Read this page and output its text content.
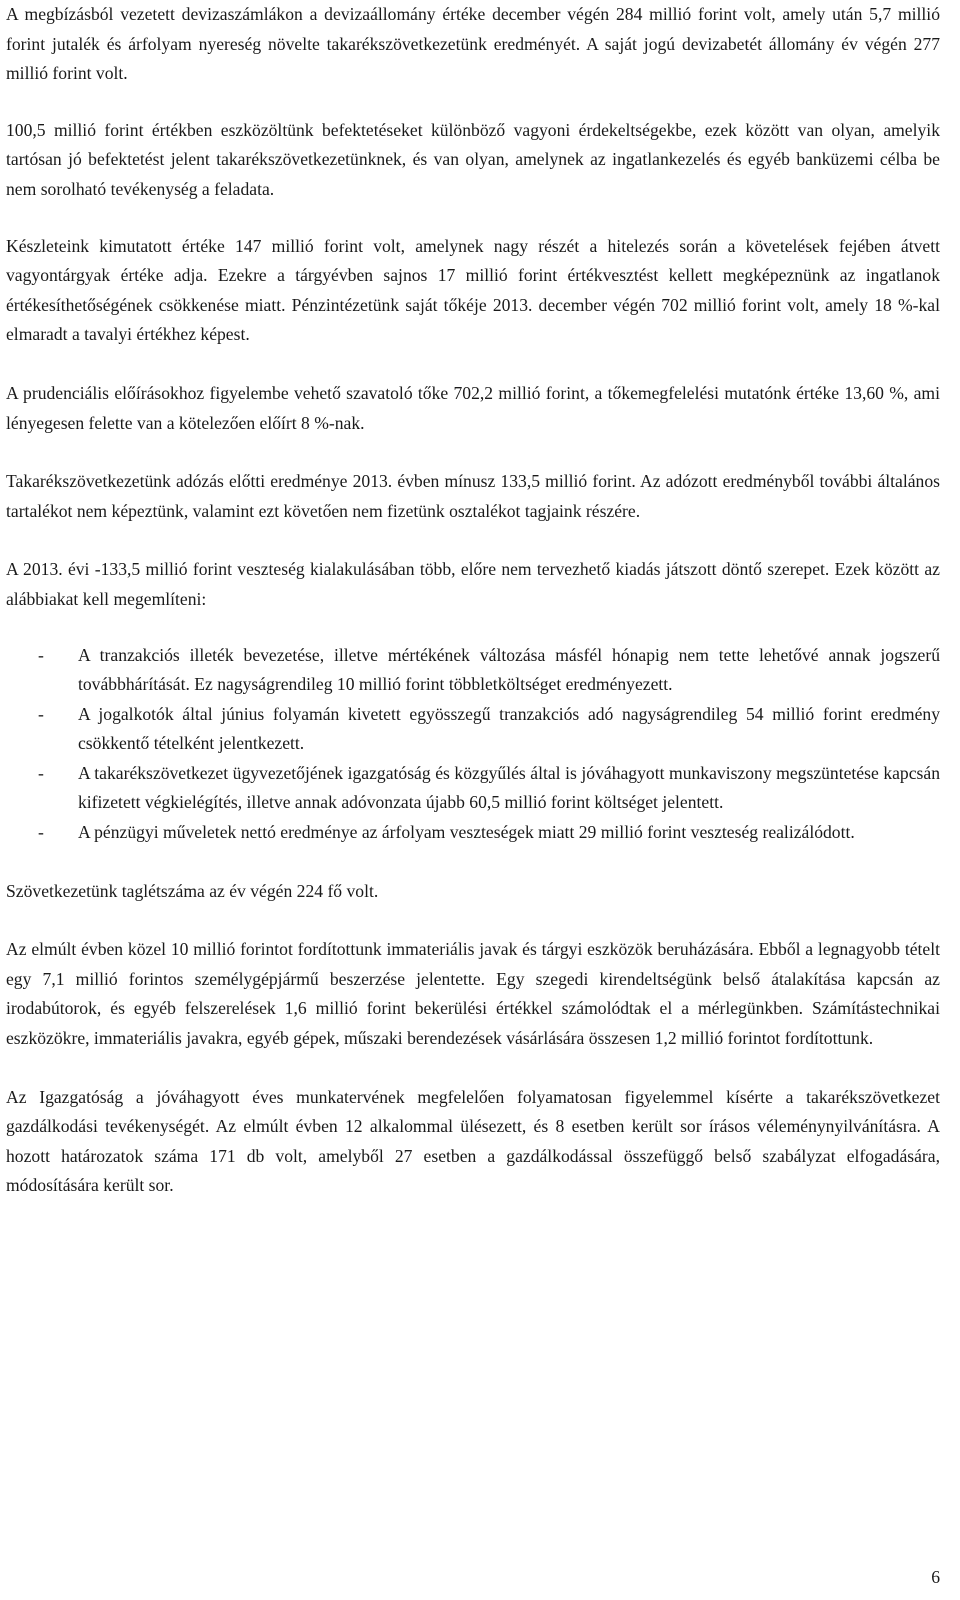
A megbízásból vezetett devizaszámlákon a devizaállomány értéke december végén 284 millió forint volt, amely után 5,7 millió forint jutalék és árfolyam nyereség növelte takarékszövetkezetünk eredményét. A saját jogú devizabetét állomány év végén 277 millió forint volt.

100,5 millió forint értékben eszközöltünk befektetéseket különböző vagyoni érdekeltségekbe, ezek között van olyan, amelyik tartósan jó befektetést jelent takarékszövetkezetünknek, és van olyan, amelynek az ingatlankezelés és egyéb banküzemi célba be nem sorolható tevékenység a feladata.

Készleteink kimutatott értéke 147 millió forint volt, amelynek nagy részét a hitelezés során a követelések fejében átvett vagyontárgyak értéke adja. Ezekre a tárgyévben sajnos 17 millió forint értékvesztést kellett megképeznünk az ingatlanok értékesíthetőségének csökkenése miatt. Pénzintézetünk saját tőkéje 2013. december végén 702 millió forint volt, amely 18 %-kal elmaradt a tavalyi értékhez képest.

A prudenciális előírásokhoz figyelembe vehető szavatoló tőke 702,2 millió forint, a tőkemegfelelési mutatónk értéke 13,60 %, ami lényegesen felette van a kötelezően előírt 8 %-nak.

Takarékszövetkezetünk adózás előtti eredménye 2013. évben mínusz 133,5 millió forint. Az adózott eredményből további általános tartalékot nem képeztünk, valamint ezt követően nem fizetünk osztalékot tagjaink részére.

A 2013. évi -133,5 millió forint veszteség kialakulásában több, előre nem tervezhető kiadás játszott döntő szerepet. Ezek között az alábbiakat kell megemlíteni:

- A tranzakciós illeték bevezetése, illetve mértékének változása másfél hónapig nem tette lehetővé annak jogszerű továbbhárítását. Ez nagyságrendileg 10 millió forint többletköltséget eredményezett.
- A jogalkotók által június folyamán kivetett egyösszegű tranzakciós adó nagyságrendileg 54 millió forint eredmény csökkentő tételként jelentkezett.
- A takarékszövetkezet ügyvezetőjének igazgatóság és közgyűlés által is jóváhagyott munkaviszony megszüntetése kapcsán kifizetett végkielégítés, illetve annak adóvonzata újabb 60,5 millió forint költséget jelentett.
- A pénzügyi műveletek nettó eredménye az árfolyam veszteségek miatt 29 millió forint veszteség realizálódott.

Szövetkezetünk taglétszáma az év végén 224 fő volt.

Az elmúlt évben közel 10 millió forintot fordítottunk immateriális javak és tárgyi eszközök beruházására. Ebből a legnagyobb tételt egy 7,1 millió forintos személygépjármű beszerzése jelentette. Egy szegedi kirendeltségünk belső átalakítása kapcsán az irodabútorok, és egyéb felszerelések 1,6 millió forint bekerülési értékkel számolódtak el a mérlegünkben. Számítástechnikai eszközökre, immateriális javakra, egyéb gépek, műszaki berendezések vásárlására összesen 1,2 millió forintot fordítottunk.

Az Igazgatóság a jóváhagyott éves munkatervének megfelelően folyamatosan figyelemmel kísérte a takarékszövetkezet gazdálkodási tevékenységét. Az elmúlt évben 12 alkalommal ülésezett, és 8 esetben került sor írásos véleménynyilvánításra. A hozott határozatok száma 171 db volt, amelyből 27 esetben a gazdálkodással összefüggő belső szabályzat elfogadására, módosítására került sor.

6
